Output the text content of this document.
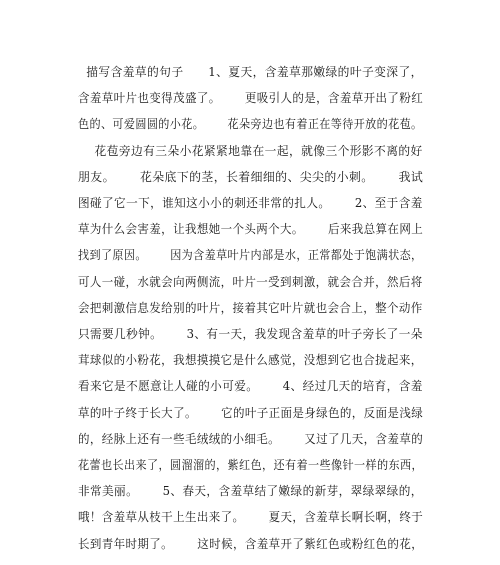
描写含羞草的句子      1、夏天，含羞草那嫩绿的叶子变深了，
含羞草叶片也变得茂盛了。      更吸引人的是，含羞草开出了粉红
色的、可爱圆圆的小花。      花朵旁边也有着正在等待开放的花苞。
花苞旁边有三朵小花紧紧地靠在一起，就像三个形影不离的好
朋友。      花朵底下的茎，长着细细的、尖尖的小刺。      我试
图碰了它一下，谁知这小小的刺还非常的扎人。      2、至于含羞
草为什么会害羞，让我想她一个头两个大。      后来我总算在网上
找到了原因。      因为含羞草叶片内部是水，正常都处于饱满状态，
可人一碰，水就会向两侧流，叶片一受到刺激，就会合并，然后将
会把刺激信息发给别的叶片，接着其它叶片就也会合上，整个动作
只需要几秒钟。      3、有一天，我发现含羞草的叶子旁长了一朵
茸球似的小粉花，我想摸摸它是什么感觉，没想到它也合拢起来，
看来它是不愿意让人碰的小可爱。      4、经过几天的培育，含羞
草的叶子终于长大了。      它的叶子正面是身绿色的，反面是浅绿
的，经脉上还有一些毛绒绒的小细毛。      又过了几天，含羞草的
花蕾也长出来了，圆溜溜的，紫红色，还有着一些像针一样的东西，
非常美丽。      5、春天，含羞草结了嫩绿的新芽，翠绿翠绿的，
哦！含羞草从枝干上生出来了。      夏天，含羞草长啊长啊，终于
长到青年时期了。      这时候，含羞草开了紫红色或粉红色的花，
